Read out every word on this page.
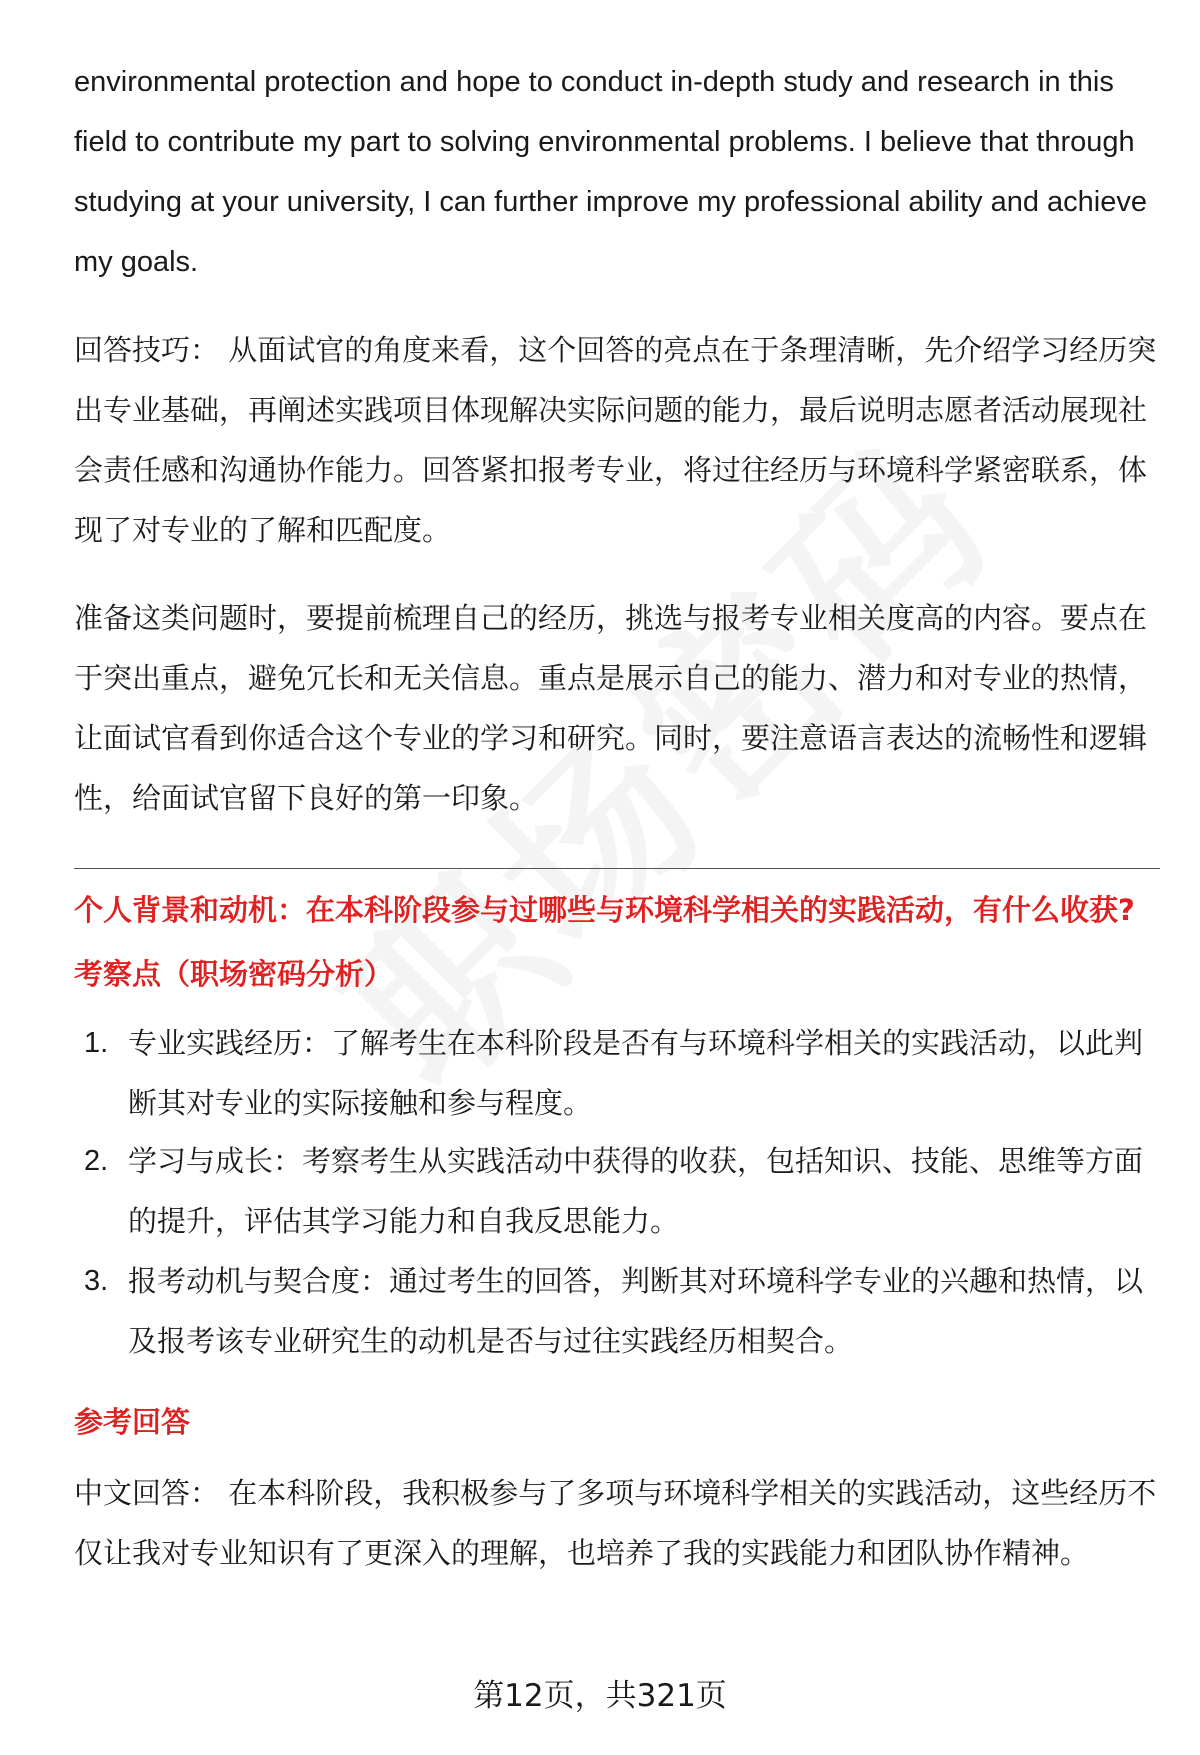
environmental protection and hope to conduct in-depth study and research in this field to contribute my part to solving environmental problems. I believe that through studying at your university, I can further improve my professional ability and achieve my goals.

回答技巧： 从面试官的角度来看，这个回答的亮点在于条理清晰，先介绍学习经历突出专业基础，再阐述实践项目体现解决实际问题的能力，最后说明志愿者活动展现社会责任感和沟通协作能力。回答紧扣报考专业，将过往经历与环境科学紧密联系，体现了对专业的了解和匹配度。

准备这类问题时，要提前梳理自己的经历，挑选与报考专业相关度高的内容。要点在于突出重点，避免冗长和无关信息。重点是展示自己的能力、潜力和对专业的热情，让面试官看到你适合这个专业的学习和研究。同时，要注意语言表达的流畅性和逻辑性，给面试官留下良好的第一印象。

个人背景和动机：在本科阶段参与过哪些与环境科学相关的实践活动，有什么收获?

考察点（职场密码分析）

1. 专业实践经历：了解考生在本科阶段是否有与环境科学相关的实践活动，以此判断其对专业的实际接触和参与程度。
2. 学习与成长：考察考生从实践活动中获得的收获，包括知识、技能、思维等方面的提升，评估其学习能力和自我反思能力。
3. 报考动机与契合度：通过考生的回答，判断其对环境科学专业的兴趣和热情，以及报考该专业研究生的动机是否与过往实践经历相契合。

参考回答

中文回答： 在本科阶段，我积极参与了多项与环境科学相关的实践活动，这些经历不仅让我对专业知识有了更深入的理解，也培养了我的实践能力和团队协作精神。

第12页，共321页
